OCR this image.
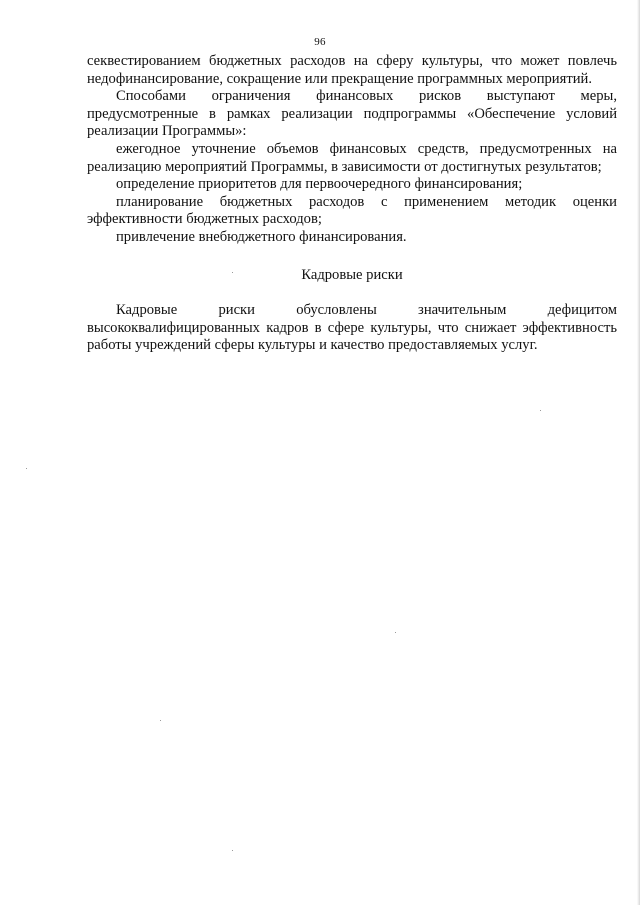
96

секвестированием бюджетных расходов на сферу культуры, что может повлечь недофинансирование, сокращение или прекращение программных мероприятий.

Способами ограничения финансовых рисков выступают меры, предусмотренные в рамках реализации подпрограммы «Обеспечение условий реализации Программы»:

ежегодное уточнение объемов финансовых средств, предусмотренных на реализацию мероприятий Программы, в зависимости от достигнутых результатов;

определение приоритетов для первоочередного финансирования;

планирование бюджетных расходов с применением методик оценки эффективности бюджетных расходов;

привлечение внебюджетного финансирования.

Кадровые риски

Кадровые риски обусловлены значительным дефицитом высококвалифицированных кадров в сфере культуры, что снижает эффективность работы учреждений сферы культуры и качество предоставляемых услуг.
